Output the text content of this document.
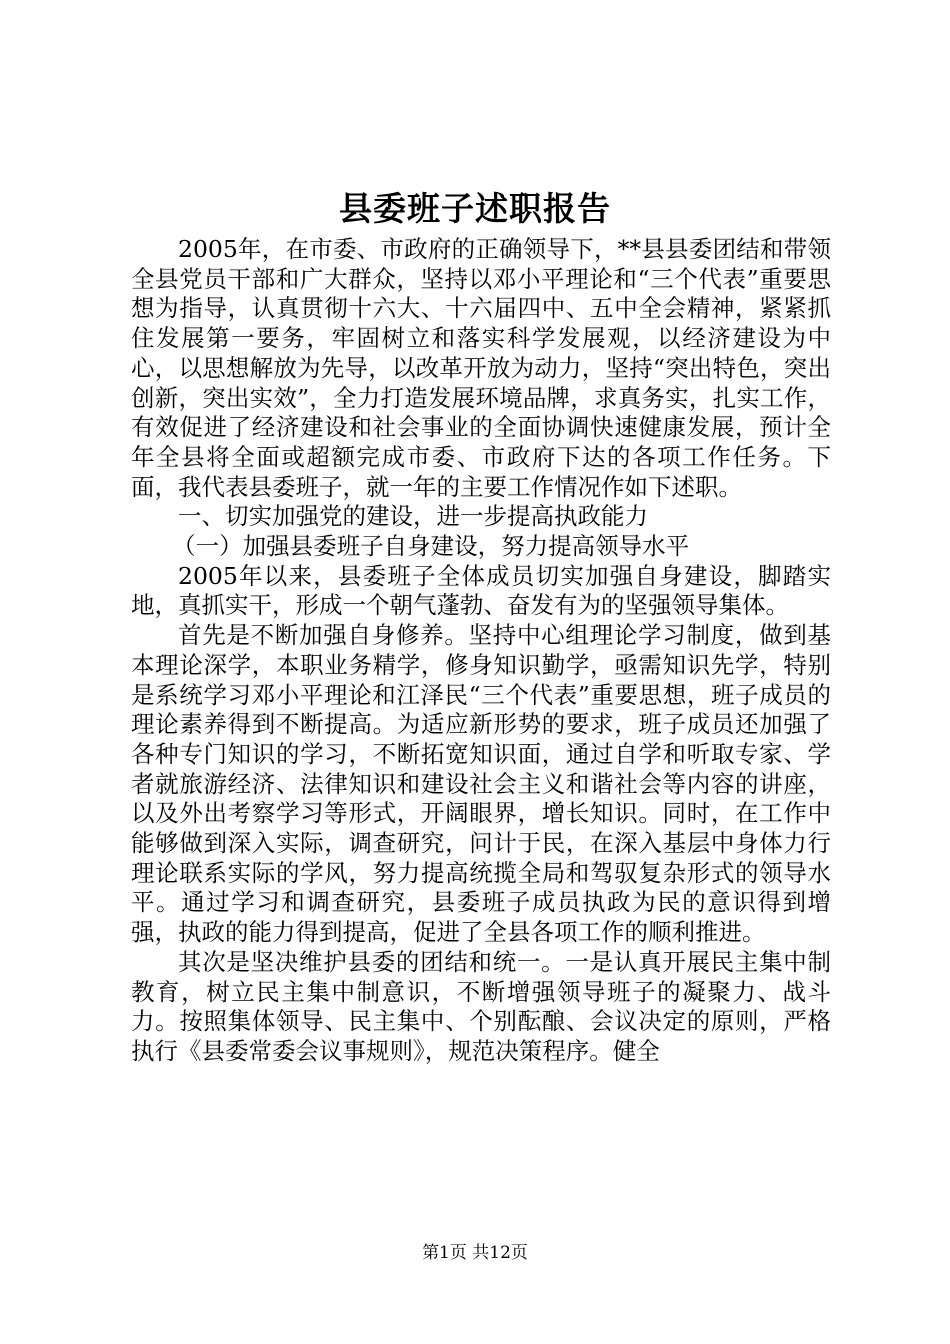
县委班子述职报告

2005年，在市委、市政府的正确领导下，**县县委团结和带领全县党员干部和广大群众，坚持以邓小平理论和“三个代表”重要思想为指导，认真贯彻十六大、十六届四中、五中全会精神，紧紧抓住发展第一要务，牢固树立和落实科学发展观，以经济建设为中心，以思想解放为先导，以改革开放为动力，坚持“突出特色，突出创新，突出实效”，全力打造发展环境品牌，求真务实，扎实工作，有效促进了经济建设和社会事业的全面协调快速健康发展，预计全年全县将全面或超额完成市委、市政府下达的各项工作任务。下面，我代表县委班子，就一年的主要工作情况作如下述职。

一、切实加强党的建设，进一步提高执政能力

（一）加强县委班子自身建设，努力提高领导水平

2005年以来，县委班子全体成员切实加强自身建设，脚踏实地，真抓实干，形成一个朝气蓬勃、奋发有为的坚强领导集体。

首先是不断加强自身修养。坚持中心组理论学习制度，做到基本理论深学，本职业务精学，修身知识勤学，亟需知识先学，特别是系统学习邓小平理论和江泽民“三个代表”重要思想，班子成员的理论素养得到不断提高。为适应新形势的要求，班子成员还加强了各种专门知识的学习，不断拓宽知识面，通过自学和听取专家、学者就旅游经济、法律知识和建设社会主义和谐社会等内容的讲座，以及外出考察学习等形式，开阔眼界，增长知识。同时，在工作中能够做到深入实际，调查研究，问计于民，在深入基层中身体力行理论联系实际的学风，努力提高统揽全局和驾驭复杂形式的领导水平。通过学习和调查研究，县委班子成员执政为民的意识得到增强，执政的能力得到提高，促进了全县各项工作的顺利推进。

其次是坚决维护县委的团结和统一。一是认真开展民主集中制教育，树立民主集中制意识，不断增强领导班子的凝聚力、战斗力。按照集体领导、民主集中、个别酝酿、会议决定的原则，严格执行《县委常委会议事规则》，规范决策程序。健全

第1页 共12页
